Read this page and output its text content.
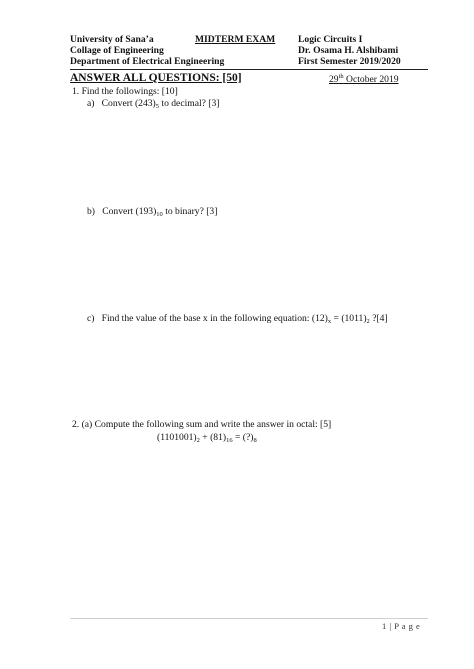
University of Sana’a
Collage of Engineering
Department of Electrical Engineering
MIDTERM EXAM Logic Circuits I
Dr. Osama H. Alshibami
First Semester 2019/2020
ANSWER ALL QUESTIONS: [50]	29th October 2019
1. Find the followings: [10]
a) Convert $(243)_5$ to decimal? [3]
b) Convert $(193)_{10}$ to binary? [3]
c) Find the value of the base x in the following equation: $(12)_x = (1011)_2$ ?[4]
2. (a) Compute the following sum and write the answer in octal: [5]
$(1101001)_2 + (81)_{16}$ = $(?)_8$
1 | P a g e
